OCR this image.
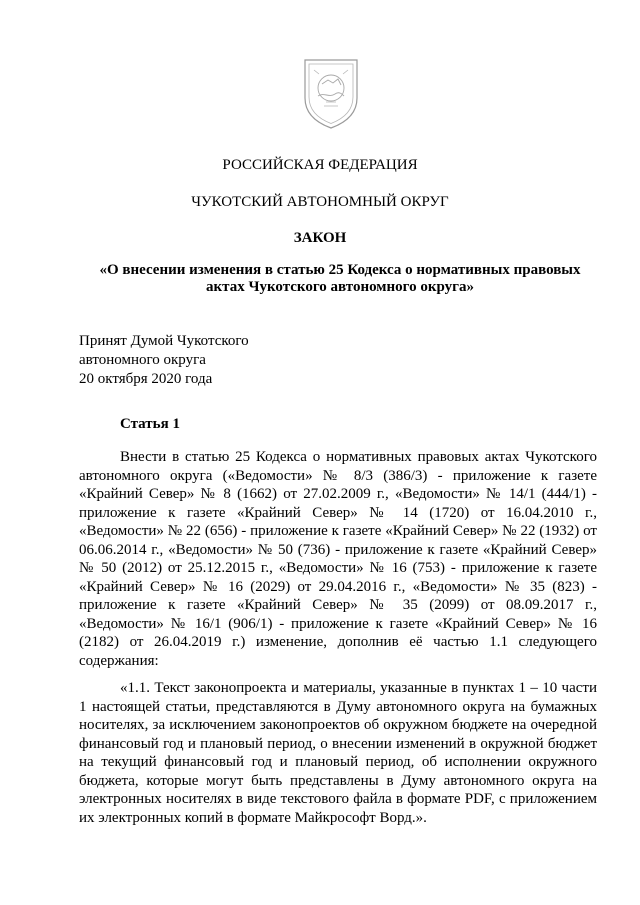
РОССИЙСКАЯ ФЕДЕРАЦИЯ
ЧУКОТСКИЙ АВТОНОМНЫЙ ОКРУГ
ЗАКОН
«О внесении изменения в статью 25 Кодекса о нормативных правовых
актах Чукотского автономного округа»
Принят Думой Чукотского
автономного округа
20 октября 2020 года
Статья 1

Внести в статью 25 Кодекса о нормативных правовых актах Чукотского автономного округа («Ведомости» № 8/3 (386/3) - приложение к газете «Крайний Север» № 8 (1662) от 27.02.2009 г., «Ведомости» № 14/1 (444/1) - приложение к газете «Крайний Север» № 14 (1720) от 16.04.2010 г., «Ведомости» № 22 (656) - приложение к газете «Крайний Север» № 22 (1932) от 06.06.2014 г., «Ведомости» № 50 (736) - приложение к газете «Крайний Север» № 50 (2012) от 25.12.2015 г., «Ведомости» № 16 (753) - приложение к газете «Крайний Север» № 16 (2029) от 29.04.2016 г., «Ведомости» № 35 (823) - приложение к газете «Крайний Север» № 35 (2099) от 08.09.2017 г., «Ведомости» № 16/1 (906/1) - приложение к газете «Крайний Север» № 16 (2182) от 26.04.2019 г.) изменение, дополнив её частью 1.1 следующего содержания:

«1.1. Текст законопроекта и материалы, указанные в пунктах 1 – 10 части 1 настоящей статьи, представляются в Думу автономного округа на бумажных носителях, за исключением законопроектов об окружном бюджете на очередной финансовый год и плановый период, о внесении изменений в окружной бюджет на текущий финансовый год и плановый период, об исполнении окружного бюджета, которые могут быть представлены в Думу автономного округа на электронных носителях в виде текстового файла в формате PDF, с приложением их электронных копий в формате Майкрософт Ворд.».
